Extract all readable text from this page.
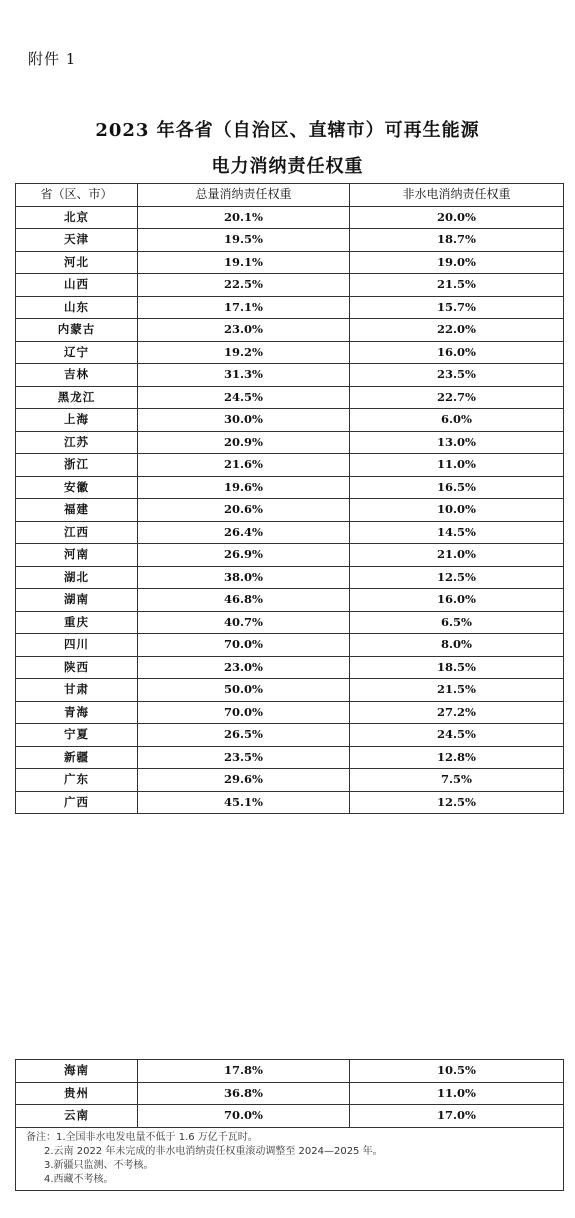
附件 1
2023 年各省（自治区、直辖市）可再生能源
电力消纳责任权重
省（区、市）	总量消纳责任权重	非水电消纳责任权重
北京	20.1%	20.0%
天津	19.5%	18.7%
河北	19.1%	19.0%
山西	22.5%	21.5%
山东	17.1%	15.7%
内蒙古	23.0%	22.0%
辽宁	19.2%	16.0%
吉林	31.3%	23.5%
黑龙江	24.5%	22.7%
上海	30.0%	6.0%
江苏	20.9%	13.0%
浙江	21.6%	11.0%
安徽	19.6%	16.5%
福建	20.6%	10.0%
江西	26.4%	14.5%
河南	26.9%	21.0%
湖北	38.0%	12.5%
湖南	46.8%	16.0%
重庆	40.7%	6.5%
四川	70.0%	8.0%
陕西	23.0%	18.5%
甘肃	50.0%	21.5%
青海	70.0%	27.2%
宁夏	26.5%	24.5%
新疆	23.5%	12.8%
广东	29.6%	7.5%
广西	45.1%	12.5%
海南	17.8%	10.5%
贵州	36.8%	11.0%
云南	70.0%	17.0%

备注：1.全国非水电发电量不低于 1.6 万亿千瓦时。
2.云南 2022 年未完成的非水电消纳责任权重滚动调整至 2024—2025 年。
3.新疆只监测、不考核。
4.西藏不考核。		
